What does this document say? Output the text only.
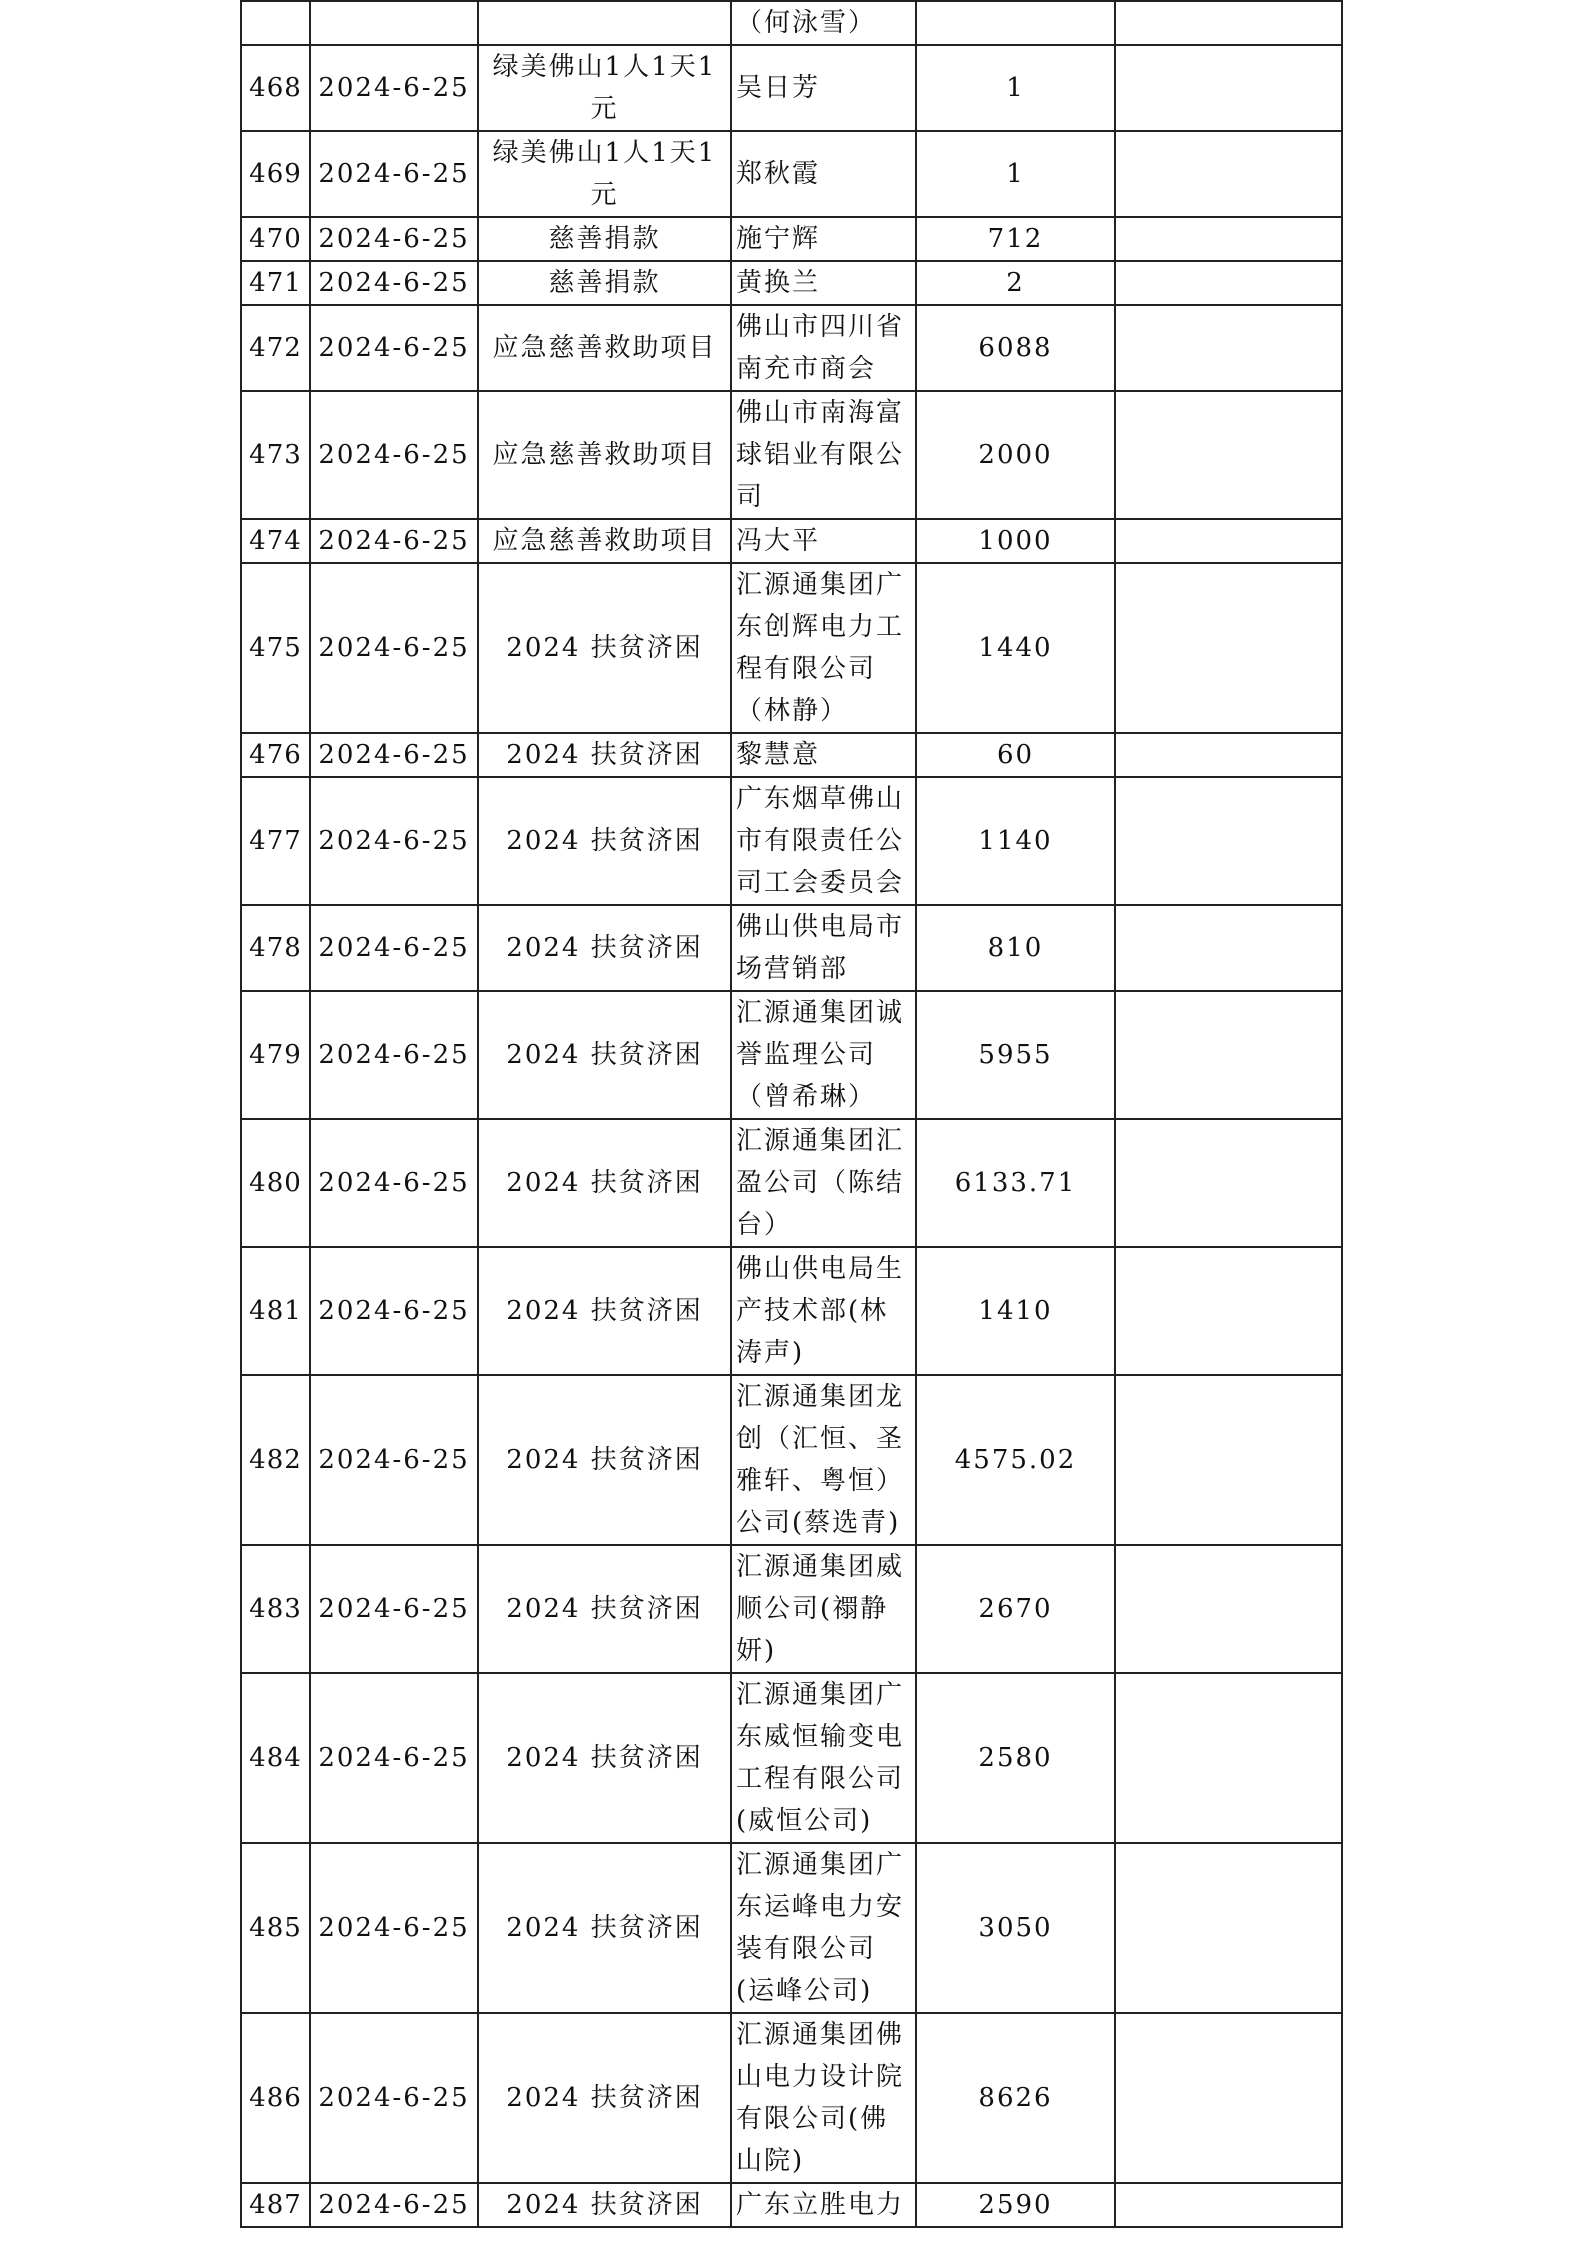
			（何泳雪）		

468	2024-6-25	绿美佛山1人1天1
元	吴日芳	1	

469	2024-6-25	绿美佛山1人1天1
元	郑秋霞	1	

470	2024-6-25	慈善捐款	施宁辉	712	

471	2024-6-25	慈善捐款	黄换兰	2	

472	2024-6-25	应急慈善救助项目	佛山市四川省
南充市商会	6088	

473	2024-6-25	应急慈善救助项目	佛山市南海富
球铝业有限公
司	2000	

474	2024-6-25	应急慈善救助项目	冯大平	1000	

475	2024-6-25	2024 扶贫济困	汇源通集团广
东创辉电力工
程有限公司
（林静）	1440	

476	2024-6-25	2024 扶贫济困	黎慧意	60	

477	2024-6-25	2024 扶贫济困	广东烟草佛山
市有限责任公
司工会委员会	1140	

478	2024-6-25	2024 扶贫济困	佛山供电局市
场营销部	810	

479	2024-6-25	2024 扶贫济困	汇源通集团诚
誉监理公司
（曾希琳）	5955	

480	2024-6-25	2024 扶贫济困	汇源通集团汇
盈公司（陈结
台）	6133.71	

481	2024-6-25	2024 扶贫济困	佛山供电局生
产技术部(林
涛声)	1410	

482	2024-6-25	2024 扶贫济困	汇源通集团龙
创（汇恒、圣
雅轩、粤恒）
公司(蔡选青)	4575.02	

483	2024-6-25	2024 扶贫济困	汇源通集团威
顺公司(禤静
妍)	2670	

484	2024-6-25	2024 扶贫济困	汇源通集团广
东威恒输变电
工程有限公司
(威恒公司)	2580	

485	2024-6-25	2024 扶贫济困	汇源通集团广
东运峰电力安
装有限公司
(运峰公司)	3050	

486	2024-6-25	2024 扶贫济困	汇源通集团佛
山电力设计院
有限公司(佛
山院)	8626	

487	2024-6-25	2024 扶贫济困	广东立胜电力	2590	
